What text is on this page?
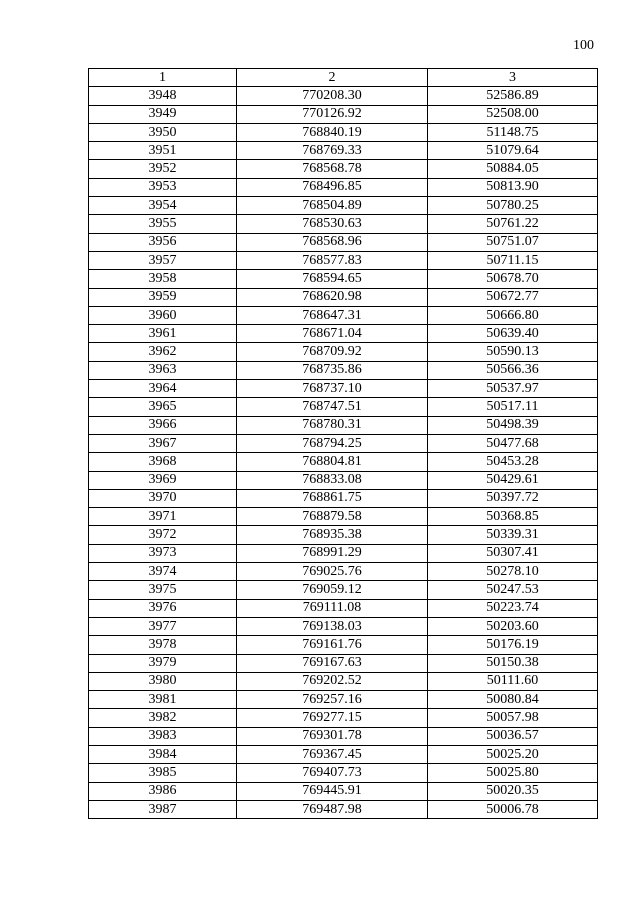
100
1	2	3
3948	770208.30	52586.89
3949	770126.92	52508.00
3950	768840.19	51148.75
3951	768769.33	51079.64
3952	768568.78	50884.05
3953	768496.85	50813.90
3954	768504.89	50780.25
3955	768530.63	50761.22
3956	768568.96	50751.07
3957	768577.83	50711.15
3958	768594.65	50678.70
3959	768620.98	50672.77
3960	768647.31	50666.80
3961	768671.04	50639.40
3962	768709.92	50590.13
3963	768735.86	50566.36
3964	768737.10	50537.97
3965	768747.51	50517.11
3966	768780.31	50498.39
3967	768794.25	50477.68
3968	768804.81	50453.28
3969	768833.08	50429.61
3970	768861.75	50397.72
3971	768879.58	50368.85
3972	768935.38	50339.31
3973	768991.29	50307.41
3974	769025.76	50278.10
3975	769059.12	50247.53
3976	769111.08	50223.74
3977	769138.03	50203.60
3978	769161.76	50176.19
3979	769167.63	50150.38
3980	769202.52	50111.60
3981	769257.16	50080.84
3982	769277.15	50057.98
3983	769301.78	50036.57
3984	769367.45	50025.20
3985	769407.73	50025.80
3986	769445.91	50020.35
3987	769487.98	50006.78
